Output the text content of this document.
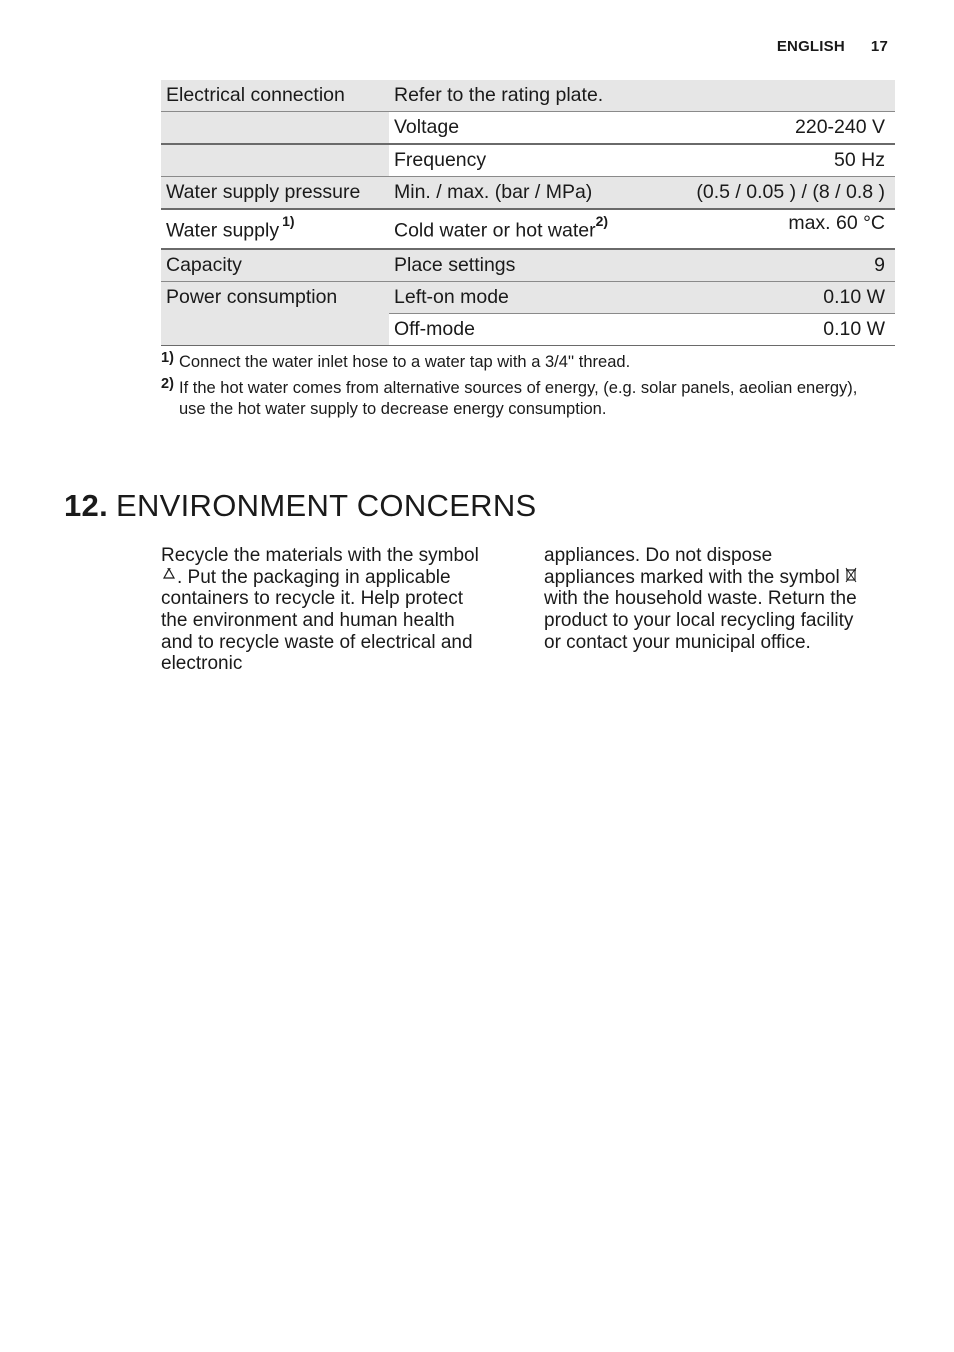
ENGLISH 17
Electrical connection	Refer to the rating plate.	
	Voltage	220-240 V
	Frequency	50 Hz
Water supply pressure	Min. / max. (bar / MPa)	(0.5 / 0.05 ) / (8 / 0.8 )
Water supply $^{1)}$	Cold water or hot water$^{2)}$	max. 60 °C
Capacity	Place settings	9
Power consumption	Left-on mode	0.10 W
	Off-mode	0.10 W
1) Connect the water inlet hose to a water tap with a 3/4'' thread.
2) If the hot water comes from alternative sources of energy, (e.g. solar panels, aeolian energy), use the hot water supply to decrease energy consumption.
12. ENVIRONMENT CONCERNS

Recycle the materials with the symbol . Put the packaging in applicable containers to recycle it. Help protect the environment and human health and to recycle waste of electrical and electronic

appliances. Do not dispose appliances marked with the symbol  with the household waste. Return the product to your local recycling facility or contact your municipal office.
